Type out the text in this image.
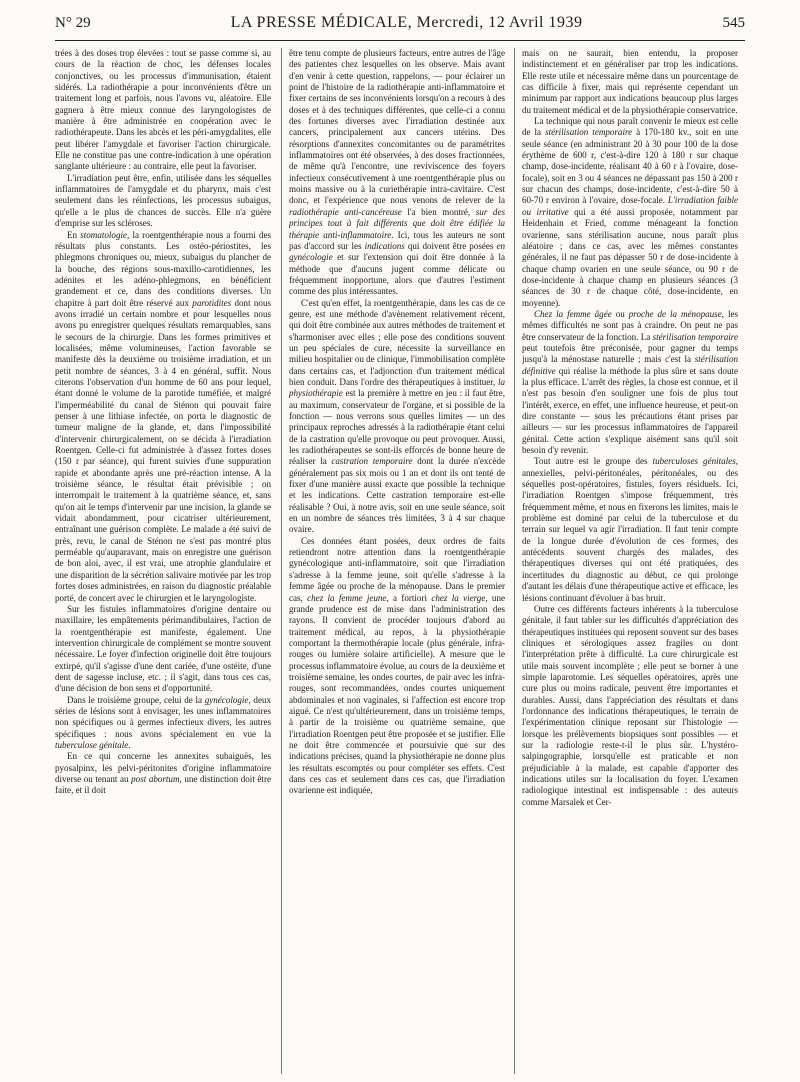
N° 29	LA PRESSE MÉDICALE, Mercredi, 12 Avril 1939	545

trées à des doses trop élevées : tout se passe comme si, au cours de la réaction de choc, les défenses locales conjonctives, ou les processus d'immunisation, étaient sidérés. La radiothérapie a pour inconvénients d'être un traitement long et parfois, nous l'avons vu, aléatoire. Elle gagnera à être mieux connue des laryngologistes de manière à être administrée en coopération avec le radiothérapeute. Dans les abcès et les péri-amygdalites, elle peut libérer l'amygdale et favoriser l'action chirurgicale. Elle ne constitue pas une contre-indication à une opération sanglante ultérieure : au contraire, elle peut la favoriser.

L'irradiation peut être, enfin, utilisée dans les séquelles inflammatoires de l'amygdale et du pharynx, mais c'est seulement dans les réinfections, les processus subaigus, qu'elle a le plus de chances de succès. Elle n'a guère d'emprise sur les scléroses.

En stomatologie, la roentgenthérapie nous a fourni des résultats plus constants. Les ostéo-périostites, les phlegmons chroniques ou, mieux, subaigus du plancher de la bouche, des régions sous-maxillo-carotidiennes, les adénites et les adéno-phlegmons, en bénéficient grandement et ce, dans des conditions diverses. Un chapitre à part doit être réservé aux parotidites dont nous avons irradié un certain nombre et pour lesquelles nous avons pu enregistrer quelques résultats remarquables, sans le secours de la chirurgie. Dans les formes primitives et localisées, même volumineuses, l'action favorable se manifeste dès la deuxième ou troisième irradiation, et un petit nombre de séances, 3 à 4 en général, suffit. Nous citerons l'observation d'un homme de 60 ans pour lequel, étant donné le volume de la parotide tuméfiée, et malgré l'imperméabilité du canal de Sténon qui pouvait faire penser à une lithiase infectée, on porta le diagnostic de tumeur maligne de la glande, et, dans l'impossibilité d'intervenir chirurgicalement, on se décida à l'irradiation Roentgen. Celle-ci fut administrée à d'assez fortes doses (150 r par séance), qui furent suivies d'une suppuration rapide et abondante après une pré-réaction intense. A la troisième séance, le résultat était prévisible ; on interrompait le traitement à la quatrième séance, et, sans qu'on ait le temps d'intervenir par une incision, la glande se vidait abondamment, pour cicatriser ultérieurement, entraînant une guérison complète. Le malade a été suivi de près, revu, le canal de Sténon ne s'est pas montré plus perméable qu'auparavant, mais on enregistre une guérison de bon aloi, avec, il est vrai, une atrophie glandulaire et une disparition de la sécrétion salivaire motivée par les trop fortes doses administrées, en raison du diagnostic préalable porté, de concert avec le chirurgien et le laryngologiste.

Sur les fistules inflammatoires d'origine dentaire ou maxillaire, les empâtements périmandibulaires, l'action de la roentgenthérapie est manifeste, également. Une intervention chirurgicale de complément se montre souvent nécessaire. Le foyer d'infection originelle doit être toujours extirpé, qu'il s'agisse d'une dent cariée, d'une ostéite, d'une dent de sagesse incluse, etc. ; il s'agit, dans tous ces cas, d'une décision de bon sens et d'opportunité.

Dans le troisième groupe, celui de la gynécologie, deux séries de lésions sont à envisager, les unes inflammatoires non spécifiques ou à germes infectieux divers, les autres spécifiques : nous avons spécialement en vue la tuberculose génitale.

En ce qui concerne les annexites subaiguës, les pyosalpinx, les pelvi-péritonites d'origine inflammatoire diverse ou tenant au post abortum, une distinction doit être faite, et il doit

être tenu compte de plusieurs facteurs, entre autres de l'âge des patientes chez lesquelles on les observe. Mais avant d'en venir à cette question, rappelons, — pour éclairer un point de l'histoire de la radiothérapie anti-inflammatoire et fixer certains de ses inconvénients lorsqu'on a recours à des doses et à des techniques différentes, que celle-ci a connu des fortunes diverses avec l'irradiation destinée aux cancers, principalement aux cancers utérins. Des résorptions d'annexites concomitantes ou de paramétrites inflammatoires ont été observées, à des doses fractionnées, de même qu'à l'encontre, une reviviscence des foyers infectieux consécutivement à une roentgenthérapie plus ou moins massive ou à la curiethérapie intra-cavitaire. C'est donc, et l'expérience que nous venons de relever de la radiothérapie anti-cancéreuse l'a bien montré, sur des principes tout à fait différents que doit être édifiée la thérapie anti-inflammatoire. Ici, tous les auteurs ne sont pas d'accord sur les indications qui doivent être posées en gynécologie et sur l'extension qui doit être donnée à la méthode que d'aucuns jugent comme délicate ou fréquemment inopportune, alors que d'autres l'estiment comme des plus intéressantes.

C'est qu'en effet, la roentgenthérapie, dans les cas de ce genre, est une méthode d'avènement relativement récent, qui doit être combinée aux autres méthodes de traitement et s'harmoniser avec elles ; elle pose des conditions souvent un peu spéciales de cure, nécessite la surveillance en milieu hospitalier ou de clinique, l'immobilisation complète dans certains cas, et l'adjonction d'un traitement médical bien conduit. Dans l'ordre des thérapeutiques à instituer, la physiothérapie est la première à mettre en jeu : il faut être, au maximum, conservateur de l'organe, et si possible de la fonction — nous verrons sous quelles limites — un des principaux reproches adressés à la radiothérapie étant celui de la castration qu'elle provoque ou peut provoquer. Aussi, les radiothérapeutes se sont-ils efforcés de bonne heure de réaliser la castration temporaire dont la durée n'excède généralement pas six mois ou 1 an et dont ils ont tenté de fixer d'une manière aussi exacte que possible la technique et les indications. Cette castration temporaire est-elle réalisable ? Oui, à notre avis, soit en une seule séance, soit en un nombre de séances très limitées, 3 à 4 sur chaque ovaire.

Ces données étant posées, deux ordres de faits retiendront notre attention dans la roentgenthérapie gynécologique anti-inflammatoire, soit que l'irradiation s'adresse à la femme jeune, soit qu'elle s'adresse à la femme âgée ou proche de la ménopause. Dans le premier cas, chez la femme jeune, a fortiori chez la vierge, une grande prudence est de mise dans l'administration des rayons. Il convient de procéder toujours d'abord au traitement médical, au repos, à la physiothérapie comportant la thermothérapie locale (plus générale, infra-rouges ou lumière solaire artificielle). A mesure que le processus inflammatoire évolue, au cours de la deuxième et troisième semaine, les ondes courtes, de pair avec les infra-rouges, sont recommandées, ondes courtes uniquement abdominales et non vaginales, si l'affection est encore trop aiguë. Ce n'est qu'ultérieurement, dans un troisième temps, à partir de la troisième ou quatrième semaine, que l'irradiation Roentgen peut être proposée et se justifier. Elle ne doit être commencée et poursuivie que sur des indications précises, quand la physiothérapie ne donne plus les résultats escomptés ou pour compléter ses effets. C'est dans ces cas et seulement dans ces cas, que l'irradiation ovarienne est indiquée,

mais on ne saurait, bien entendu, la proposer indistinctement et en généraliser par trop les indications. Elle reste utile et nécessaire même dans un pourcentage de cas difficile à fixer, mais qui représente cependant un minimum par rapport aux indications beaucoup plus larges du traitement médical et de la physiothérapie conservatrice.

La technique qui nous paraît convenir le mieux est celle de la stérilisation temporaire à 170-180 kv., soit en une seule séance (en administrant 20 à 30 pour 100 de la dose érythème de 600 r, c'est-à-dire 120 à 180 r sur chaque champ, dose-incidente, réalisant 40 à 60 r à l'ovaire, dose-focale), soit en 3 ou 4 séances ne dépassant pas 150 à 200 r sur chacun des champs, dose-incidente, c'est-à-dire 50 à 60-70 r environ à l'ovaire, dose-focale. L'irradiation faible ou irritative qui a été aussi proposée, notamment par Heidenhain et Fried, comme ménageant la fonction ovarienne, sans stérilisation aucune, nous paraît plus aléatoire ; dans ce cas, avec les mêmes constantes générales, il ne faut pas dépasser 50 r de dose-incidente à chaque champ ovarien en une seule séance, ou 90 r de dose-incidente à chaque champ en plusieurs séances (3 séances de 30 r de chaque côté, dose-incidente, en moyenne).

Chez la femme âgée ou proche de la ménopause, les mêmes difficultés ne sont pas à craindre. On peut ne pas être conservateur de la fonction. La stérilisation temporaire peut toutefois être préconisée, pour gagner du temps jusqu'à la ménostase naturelle ; mais c'est la stérilisation définitive qui réalise la méthode la plus sûre et sans doute la plus efficace. L'arrêt des règles, la chose est connue, et il n'est pas besoin d'en souligner une fois de plus tout l'intérêt, exerce, en effet, une influence heureuse, et peut-on dire constante — sous les précautions étant prises par ailleurs — sur les processus inflammatoires de l'appareil génital. Cette action s'explique aisément sans qu'il soit besoin d'y revenir.

Tout autre est le groupe des tuberculoses génitales, annexielles, pelvi-péritonéales, péritonéales, ou des séquelles post-opératoires, fistules, foyers résiduels. Ici, l'irradiation Roentgen s'impose fréquemment, très fréquemment même, et nous en fixerons les limites, mais le problème est dominé par celui de la tuberculose et du terrain sur lequel va agir l'irradiation. Il faut tenir compte de la longue durée d'évolution de ces formes, des antécédents souvent chargés des malades, des thérapeutiques diverses qui ont été pratiquées, des incertitudes du diagnostic au début, ce qui prolonge d'autant les délais d'une thérapeutique active et efficace, les lésions continuant d'évoluer à bas bruit.

Outre ces différents facteurs inhérents à la tuberculose génitale, il faut tabler sur les difficultés d'appréciation des thérapeutiques instituées qui reposent souvent sur des bases cliniques et sérologiques assez fragiles ou dont l'interprétation prête à difficulté. La cure chirurgicale est utile mais souvent incomplète ; elle peut se borner à une simple laparotomie. Les séquelles opératoires, après une cure plus ou moins radicale, peuvent être importantes et durables. Aussi, dans l'appréciation des résultats et dans l'ordonnance des indications thérapeutiques, le terrain de l'expérimentation clinique reposant sur l'histologie — lorsque les prélèvements biopsiques sont possibles — et sur la radiologie reste-t-il le plus sûr. L'hystéro-salpingographie, lorsqu'elle est praticable et non préjudiciable à la malade, est capable d'apporter des indications utiles sur la localisation du foyer. L'examen radiologique intestinal est indispensable : des auteurs comme Marsalek et Cer-
